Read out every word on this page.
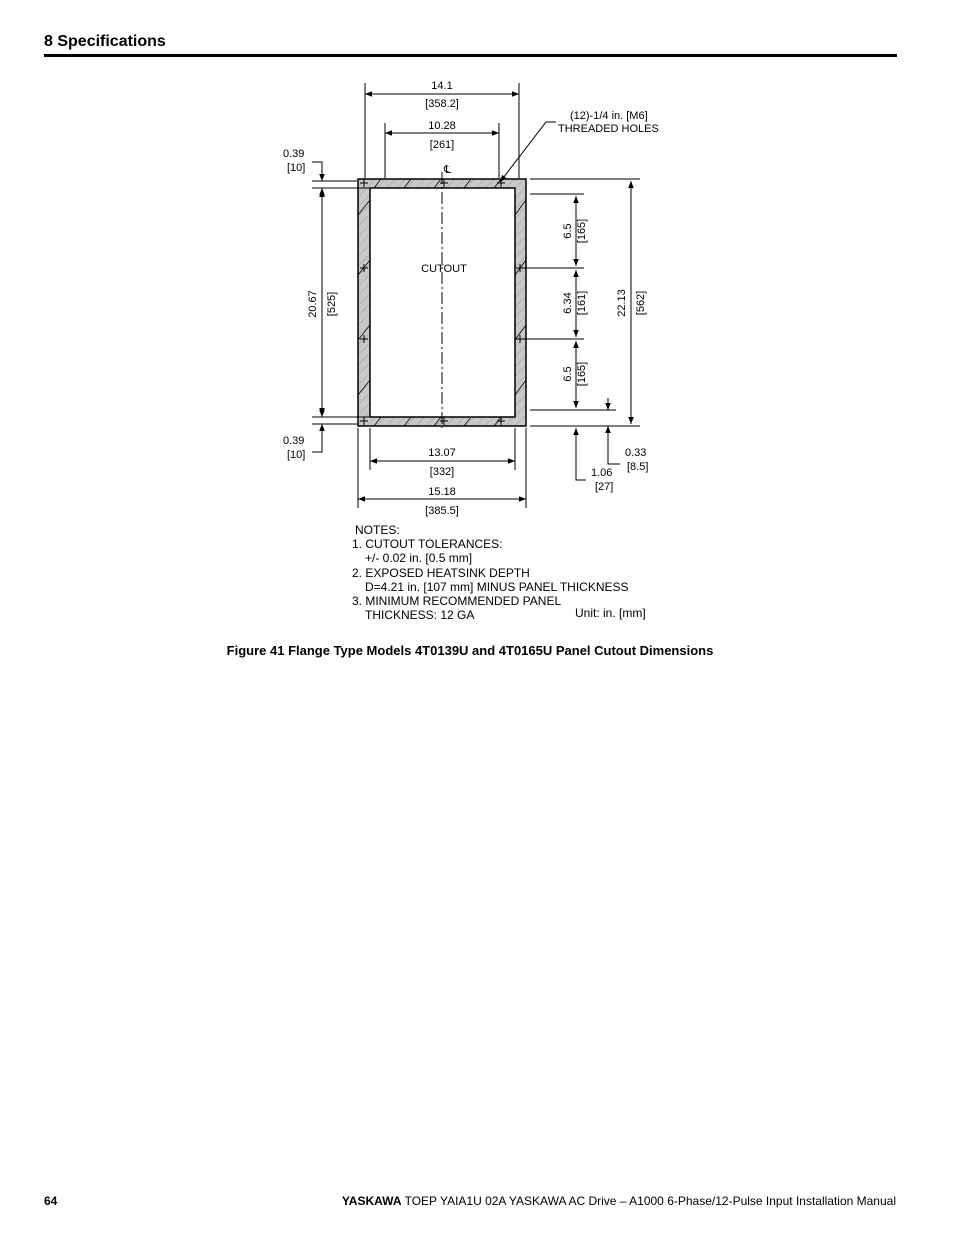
8 Specifications
14.1
[358.2]
10.28
[261]
℄
(12)-1/4 in. [M6]
THREADED HOLES
0.39
[10]
CUTOUT
20.67 [525]
0.39
[10]
6.5 [165]
6.34 [161]
6.5 [165]
22.13 [562]
13.07
[332]
15.18
[385.5]
1.06
[27]
0.33
[8.5]
NOTES:
1. CUTOUT TOLERANCES:
+/- 0.02 in. [0.5 mm]
2. EXPOSED HEATSINK DEPTH
D=4.21 in. [107 mm] MINUS PANEL THICKNESS
3. MINIMUM RECOMMENDED PANEL
THICKNESS: 12 GA	Unit: in. [mm]
Figure 41 Flange Type Models 4T0139U and 4T0165U Panel Cutout Dimensions
64	YASKAWA TOEP YAIA1U 02A YASKAWA AC Drive – A1000 6-Phase/12-Pulse Input Installation Manual
